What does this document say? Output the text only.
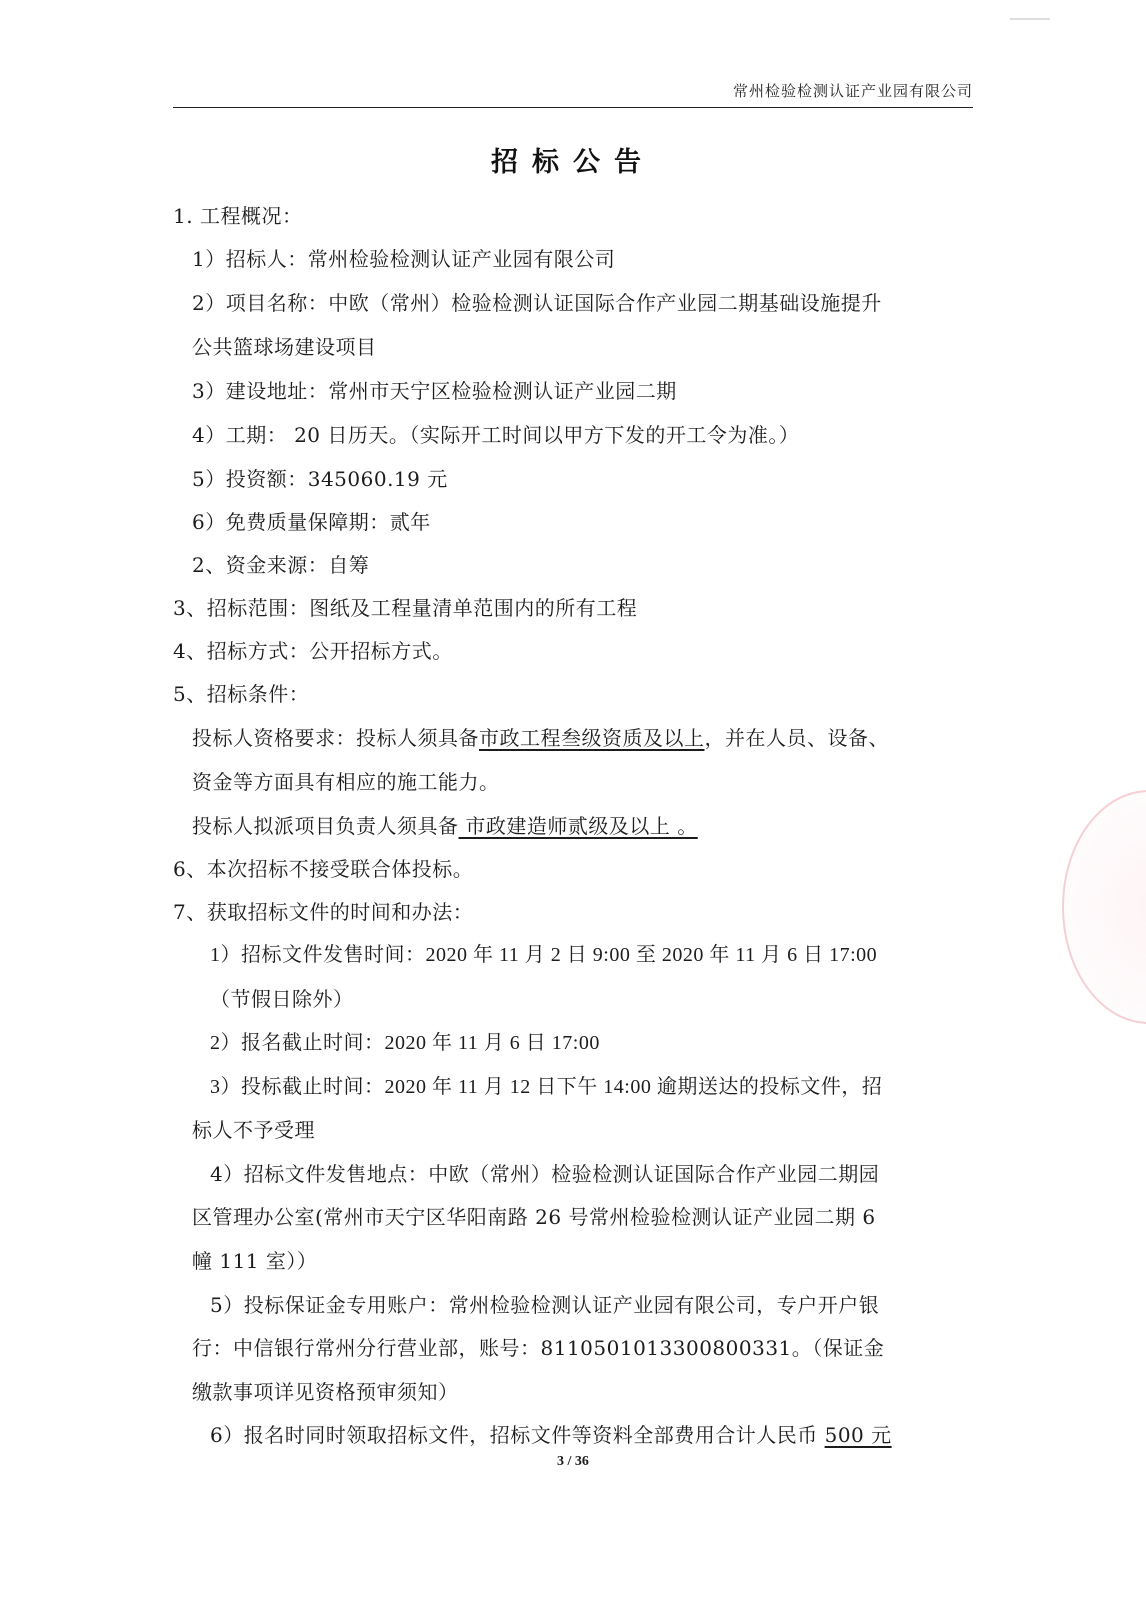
常州检验检测认证产业园有限公司
招标公告
1. 工程概况：
1）招标人：常州检验检测认证产业园有限公司
2）项目名称：中欧（常州）检验检测认证国际合作产业园二期基础设施提升
公共篮球场建设项目
3）建设地址：常州市天宁区检验检测认证产业园二期
4）工期： 20 日历天。（实际开工时间以甲方下发的开工令为准。）
5）投资额：345060.19 元
6）免费质量保障期：贰年
2、资金来源：自筹
3、招标范围：图纸及工程量清单范围内的所有工程
4、招标方式：公开招标方式。
5、招标条件：
投标人资格要求：投标人须具备市政工程叁级资质及以上，并在人员、设备、
资金等方面具有相应的施工能力。
投标人拟派项目负责人须具备 市政建造师贰级及以上 。
6、本次招标不接受联合体投标。
7、获取招标文件的时间和办法：
1）招标文件发售时间：2020 年 11 月 2 日 9:00 至 2020 年 11 月 6 日 17:00
（节假日除外）
2）报名截止时间：2020 年 11 月 6 日 17:00
3）投标截止时间：2020 年 11 月 12 日下午 14:00 逾期送达的投标文件，招
标人不予受理
4）招标文件发售地点：中欧（常州）检验检测认证国际合作产业园二期园
区管理办公室(常州市天宁区华阳南路 26 号常州检验检测认证产业园二期 6
幢 111 室））
5）投标保证金专用账户：常州检验检测认证产业园有限公司，专户开户银
行：中信银行常州分行营业部，账号：8110501013300800331。（保证金
缴款事项详见资格预审须知）
6）报名时同时领取招标文件，招标文件等资料全部费用合计人民币 500 元
3 / 36
